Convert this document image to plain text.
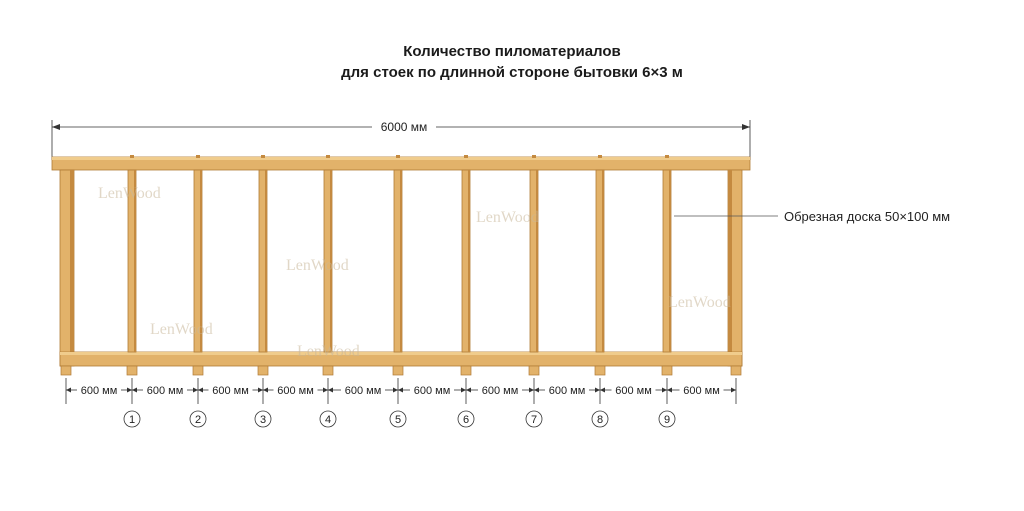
Количество пиломатериалов
для стоек по длинной стороне бытовки 6×3 м
6000 мм
LenWood
LenWood
LenWood
LenWood
LenWood
LenWood
Обрезная доска 50×100 мм
600 мм	600 мм	600 мм	600 мм	600 мм	600 мм	600 мм	600 мм	600 мм	600 мм
1	2	3	4	5	6	7	8	9
